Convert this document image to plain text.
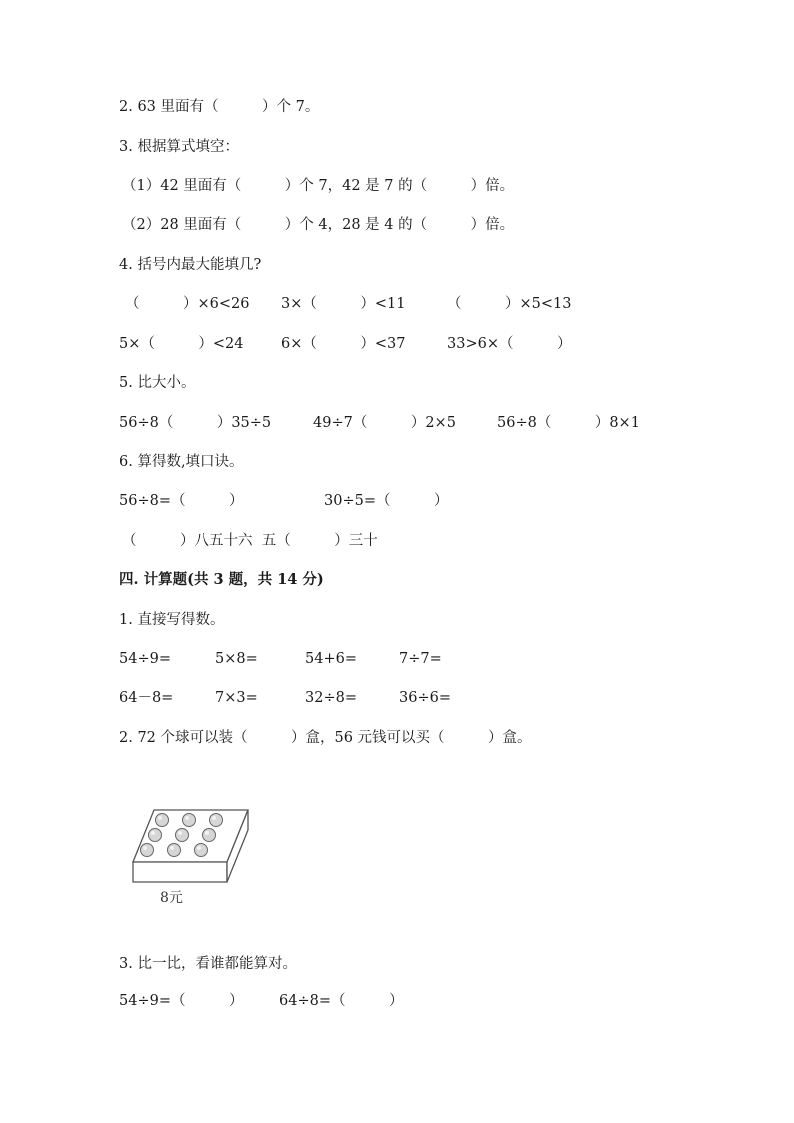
2. 63 里面有（　　　）个 7。

3. 根据算式填空：

（1）42 里面有（　　　）个 7，42 是 7 的（　　　）倍。

（2）28 里面有（　　　）个 4，28 是 4 的（　　　）倍。

4. 括号内最大能填几?

（　　　）×6<26 3×（　　　）<11	（　　　）×5<13

5×（　　　）<24	6×（　　　）<37	33>6×（　　　）

5. 比大小。

56÷8（　　　）35÷5	49÷7（　　　）2×5	56÷8（　　　）8×1

6. 算得数,填口诀。

56÷8=（　　　）	30÷5=（　　　）

（　　　）八五十六  五（　　　）三十

四. 计算题(共 3 题，共 14 分)

1. 直接写得数。

54÷9=	5×8=	54+6=	7÷7=

64－8=	7×3=	32÷8=	36÷6=

2. 72 个球可以装（　　　）盒，56 元钱可以买（　　　）盒。

8元

3. 比一比，看谁都能算对。

54÷9=（　　　） 64÷8=（　　　）
